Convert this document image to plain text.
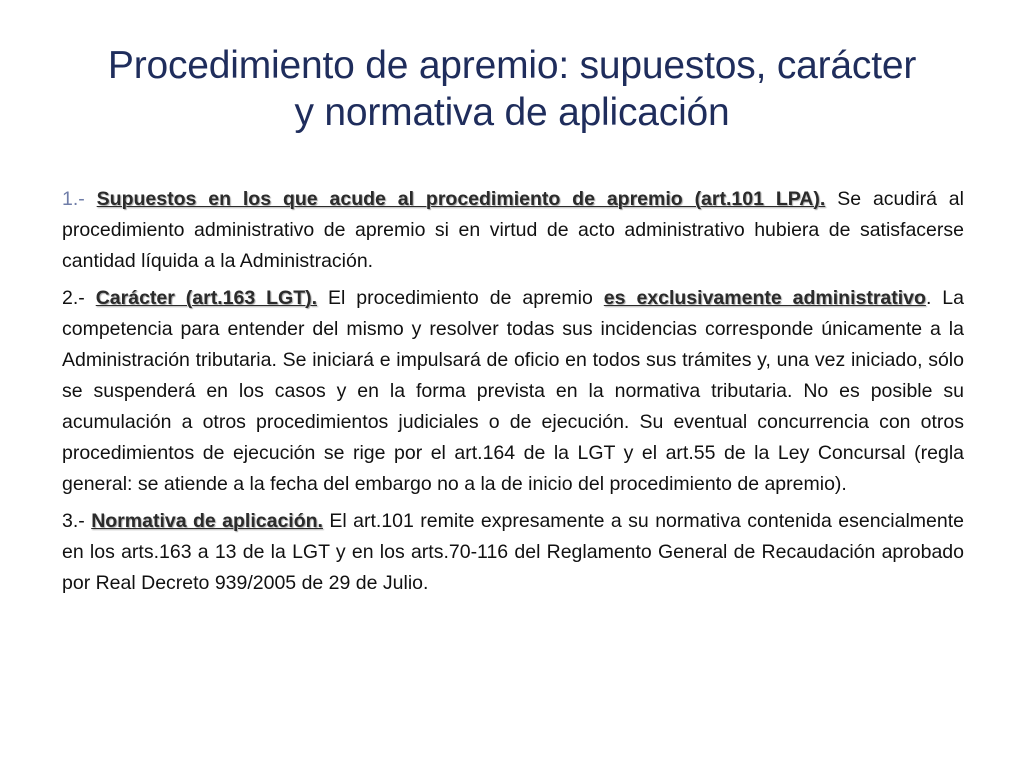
Procedimiento de apremio: supuestos, carácter
y normativa de aplicación

1.- Supuestos en los que acude al procedimiento de apremio (art.101 LPA). Se acudirá al procedimiento administrativo de apremio si en virtud de acto administrativo hubiera de satisfacerse cantidad líquida a la Administración.

2.- Carácter (art.163 LGT). El procedimiento de apremio es exclusivamente administrativo. La competencia para entender del mismo y resolver todas sus incidencias corresponde únicamente a la Administración tributaria. Se iniciará e impulsará de oficio en todos sus trámites y, una vez iniciado, sólo se suspenderá en los casos y en la forma prevista en la normativa tributaria. No es posible su acumulación a otros procedimientos judiciales o de ejecución. Su eventual concurrencia con otros procedimientos de ejecución se rige por el art.164 de la LGT y el art.55 de la Ley Concursal (regla general: se atiende a la fecha del embargo no a la de inicio del procedimiento de apremio).

3.- Normativa de aplicación. El art.101 remite expresamente a su normativa contenida esencialmente en los arts.163 a 13 de la LGT y en los arts.70-116 del Reglamento General de Recaudación aprobado por Real Decreto 939/2005 de 29 de Julio.
